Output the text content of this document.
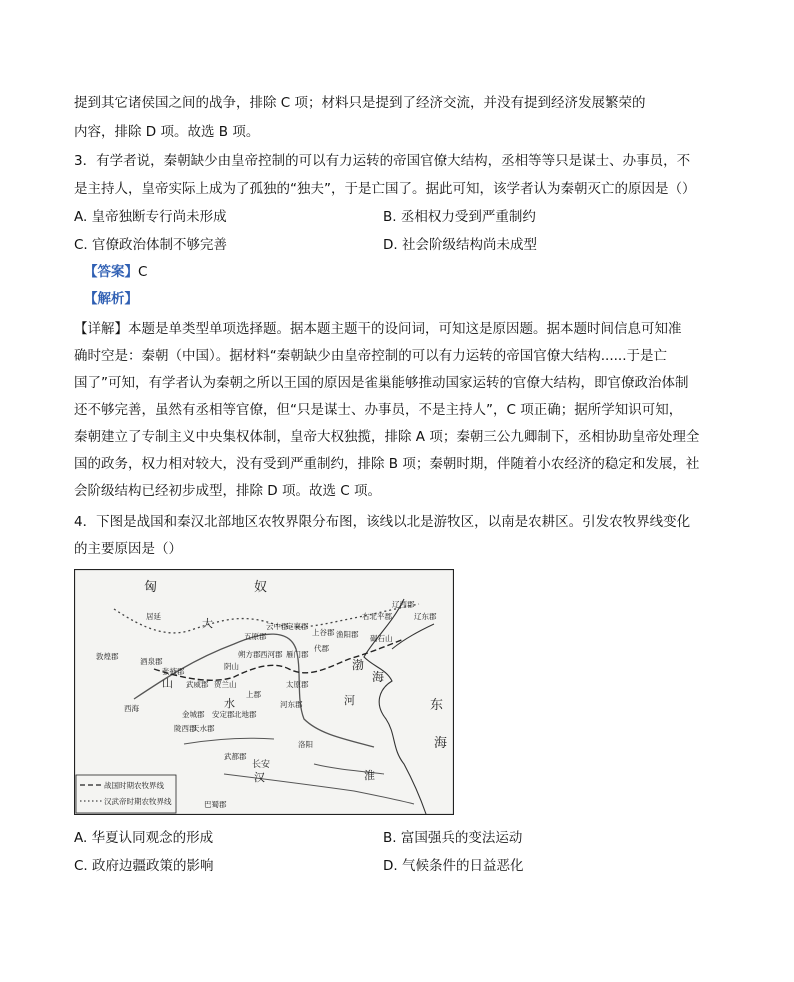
提到其它诸侯国之间的战争，排除 C 项；材料只是提到了经济交流，并没有提到经济发展繁荣的
内容，排除 D 项。故选 B 项。
3．有学者说，秦朝缺少由皇帝控制的可以有力运转的帝国官僚大结构，丞相等等只是谋士、办事员，不
是主持人，皇帝实际上成为了孤独的“独夫”，于是亡国了。据此可知，该学者认为秦朝灭亡的原因是（）
A. 皇帝独断专行尚未形成	B. 丞相权力受到严重制约
C. 官僚政治体制不够完善	D. 社会阶级结构尚未成型
【答案】C
【解析】
【详解】本题是单类型单项选择题。据本题主题干的设问词，可知这是原因题。据本题时间信息可知准
确时空是：秦朝（中国）。据材料“秦朝缺少由皇帝控制的可以有力运转的帝国官僚大结构......于是亡
国了”可知，有学者认为秦朝之所以王国的原因是雀巢能够推动国家运转的官僚大结构，即官僚政治体制
还不够完善，虽然有丞相等官僚，但“只是谋士、办事员，不是主持人”，C 项正确；据所学知识可知，
秦朝建立了专制主义中央集权体制，皇帝大权独揽，排除 A 项；秦朝三公九卿制下，丞相协助皇帝处理全
国的政务，权力相对较大，没有受到严重制约，排除 B 项；秦朝时期，伴随着小农经济的稳定和发展，社
会阶级结构已经初步成型，排除 D 项。故选 C 项。
4．下图是战国和秦汉北部地区农牧界限分布图，该线以北是游牧区，以南是农耕区。引发农牧界线变化
的主要原因是（）
匈	奴
东
海
渤
海
大
河
山
水
汉	淮
居延
敦煌郡
酒泉郡
张掖郡
武威郡
金城郡
陇西郡
天水郡
安定郡 北地郡
上郡
朔方郡
五原郡
云中郡
定襄郡
雁门郡
西河郡
代郡
上谷郡 渔阳郡
右北平郡
辽西郡
辽东郡
碣石山
太原郡
河东郡
长安
洛阳
武都郡
巴蜀郡
西海
阴山
贺兰山
战国时期农牧界线
汉武帝时期农牧界线
A. 华夏认同观念的形成	B. 富国强兵的变法运动
C. 政府边疆政策的影响	D. 气候条件的日益恶化
